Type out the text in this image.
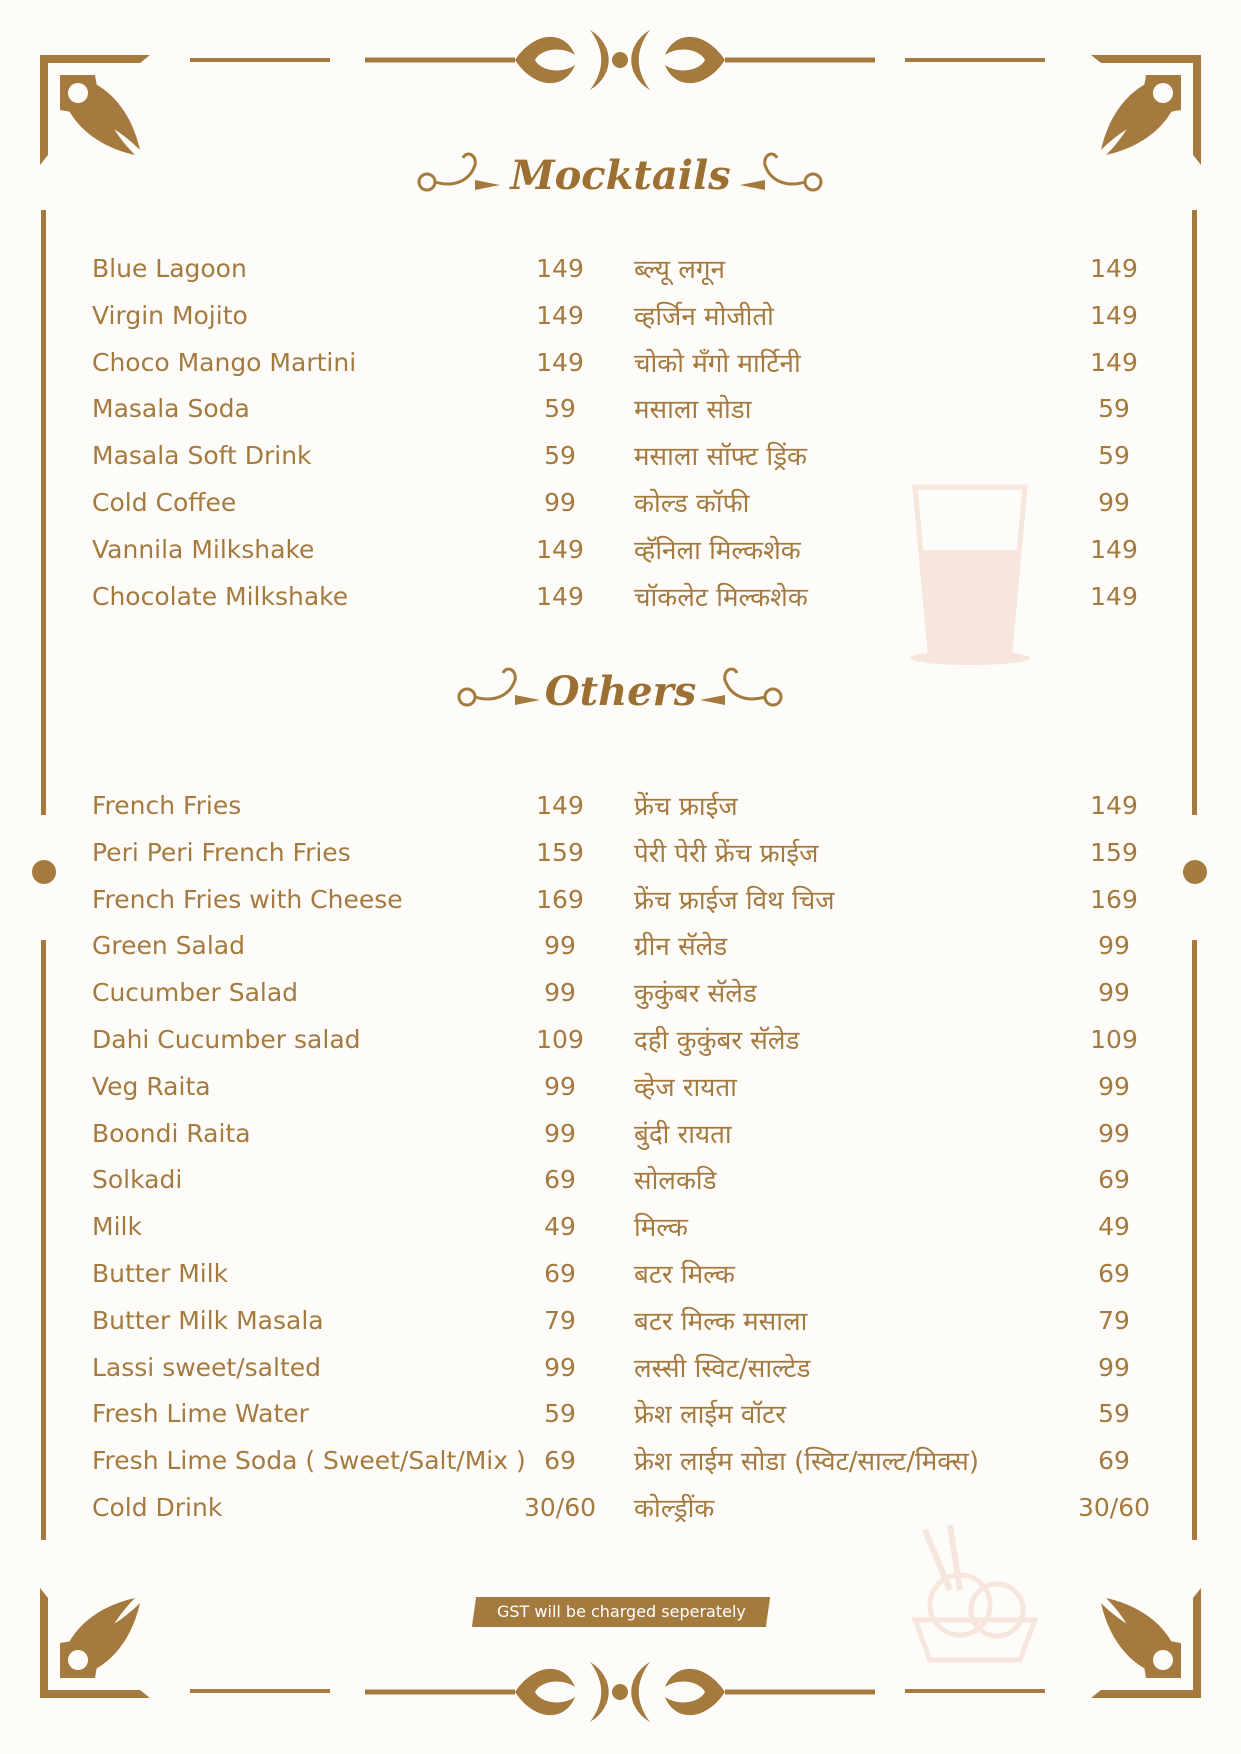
Mocktails
Others
Blue Lagoon	149	ब्ल्यू लगून	149
Virgin Mojito	149	व्हर्जिन मोजीतो	149
Choco Mango Martini	149	चोको मँगो मार्टिनी	149
Masala Soda	59	मसाला सोडा	59
Masala Soft Drink	59	मसाला सॉफ्ट ड्रिंक	59
Cold Coffee	99	कोल्ड कॉफी	99
Vannila Milkshake	149	व्हॅनिला मिल्कशेक	149
Chocolate Milkshake	149	चॉकलेट मिल्कशेक	149
French Fries	149	फ्रेंच फ्राईज	149
Peri Peri French Fries	159	पेरी पेरी फ्रेंच फ्राईज	159
French Fries with Cheese	169	फ्रेंच फ्राईज विथ चिज	169
Green Salad	99	ग्रीन सॅलेड	99
Cucumber Salad	99	कुकुंबर सॅलेड	99
Dahi Cucumber salad	109	दही कुकुंबर सॅलेड	109
Veg Raita	99	व्हेज रायता	99
Boondi Raita	99	बुंदी रायता	99
Solkadi	69	सोलकडि	69
Milk	49	मिल्क	49
Butter Milk	69	बटर मिल्क	69
Butter Milk Masala	79	बटर मिल्क मसाला	79
Lassi sweet/salted	99	लस्सी स्विट/साल्टेड	99
Fresh Lime Water	59	फ्रेश लाईम वॉटर	59
Fresh Lime Soda ( Sweet/Salt/Mix ) 69	फ्रेश लाईम सोडा (स्विट/साल्ट/मिक्स)	69
Cold Drink	30/60	कोल्ड्रींक	30/60
GST will be charged seperately
